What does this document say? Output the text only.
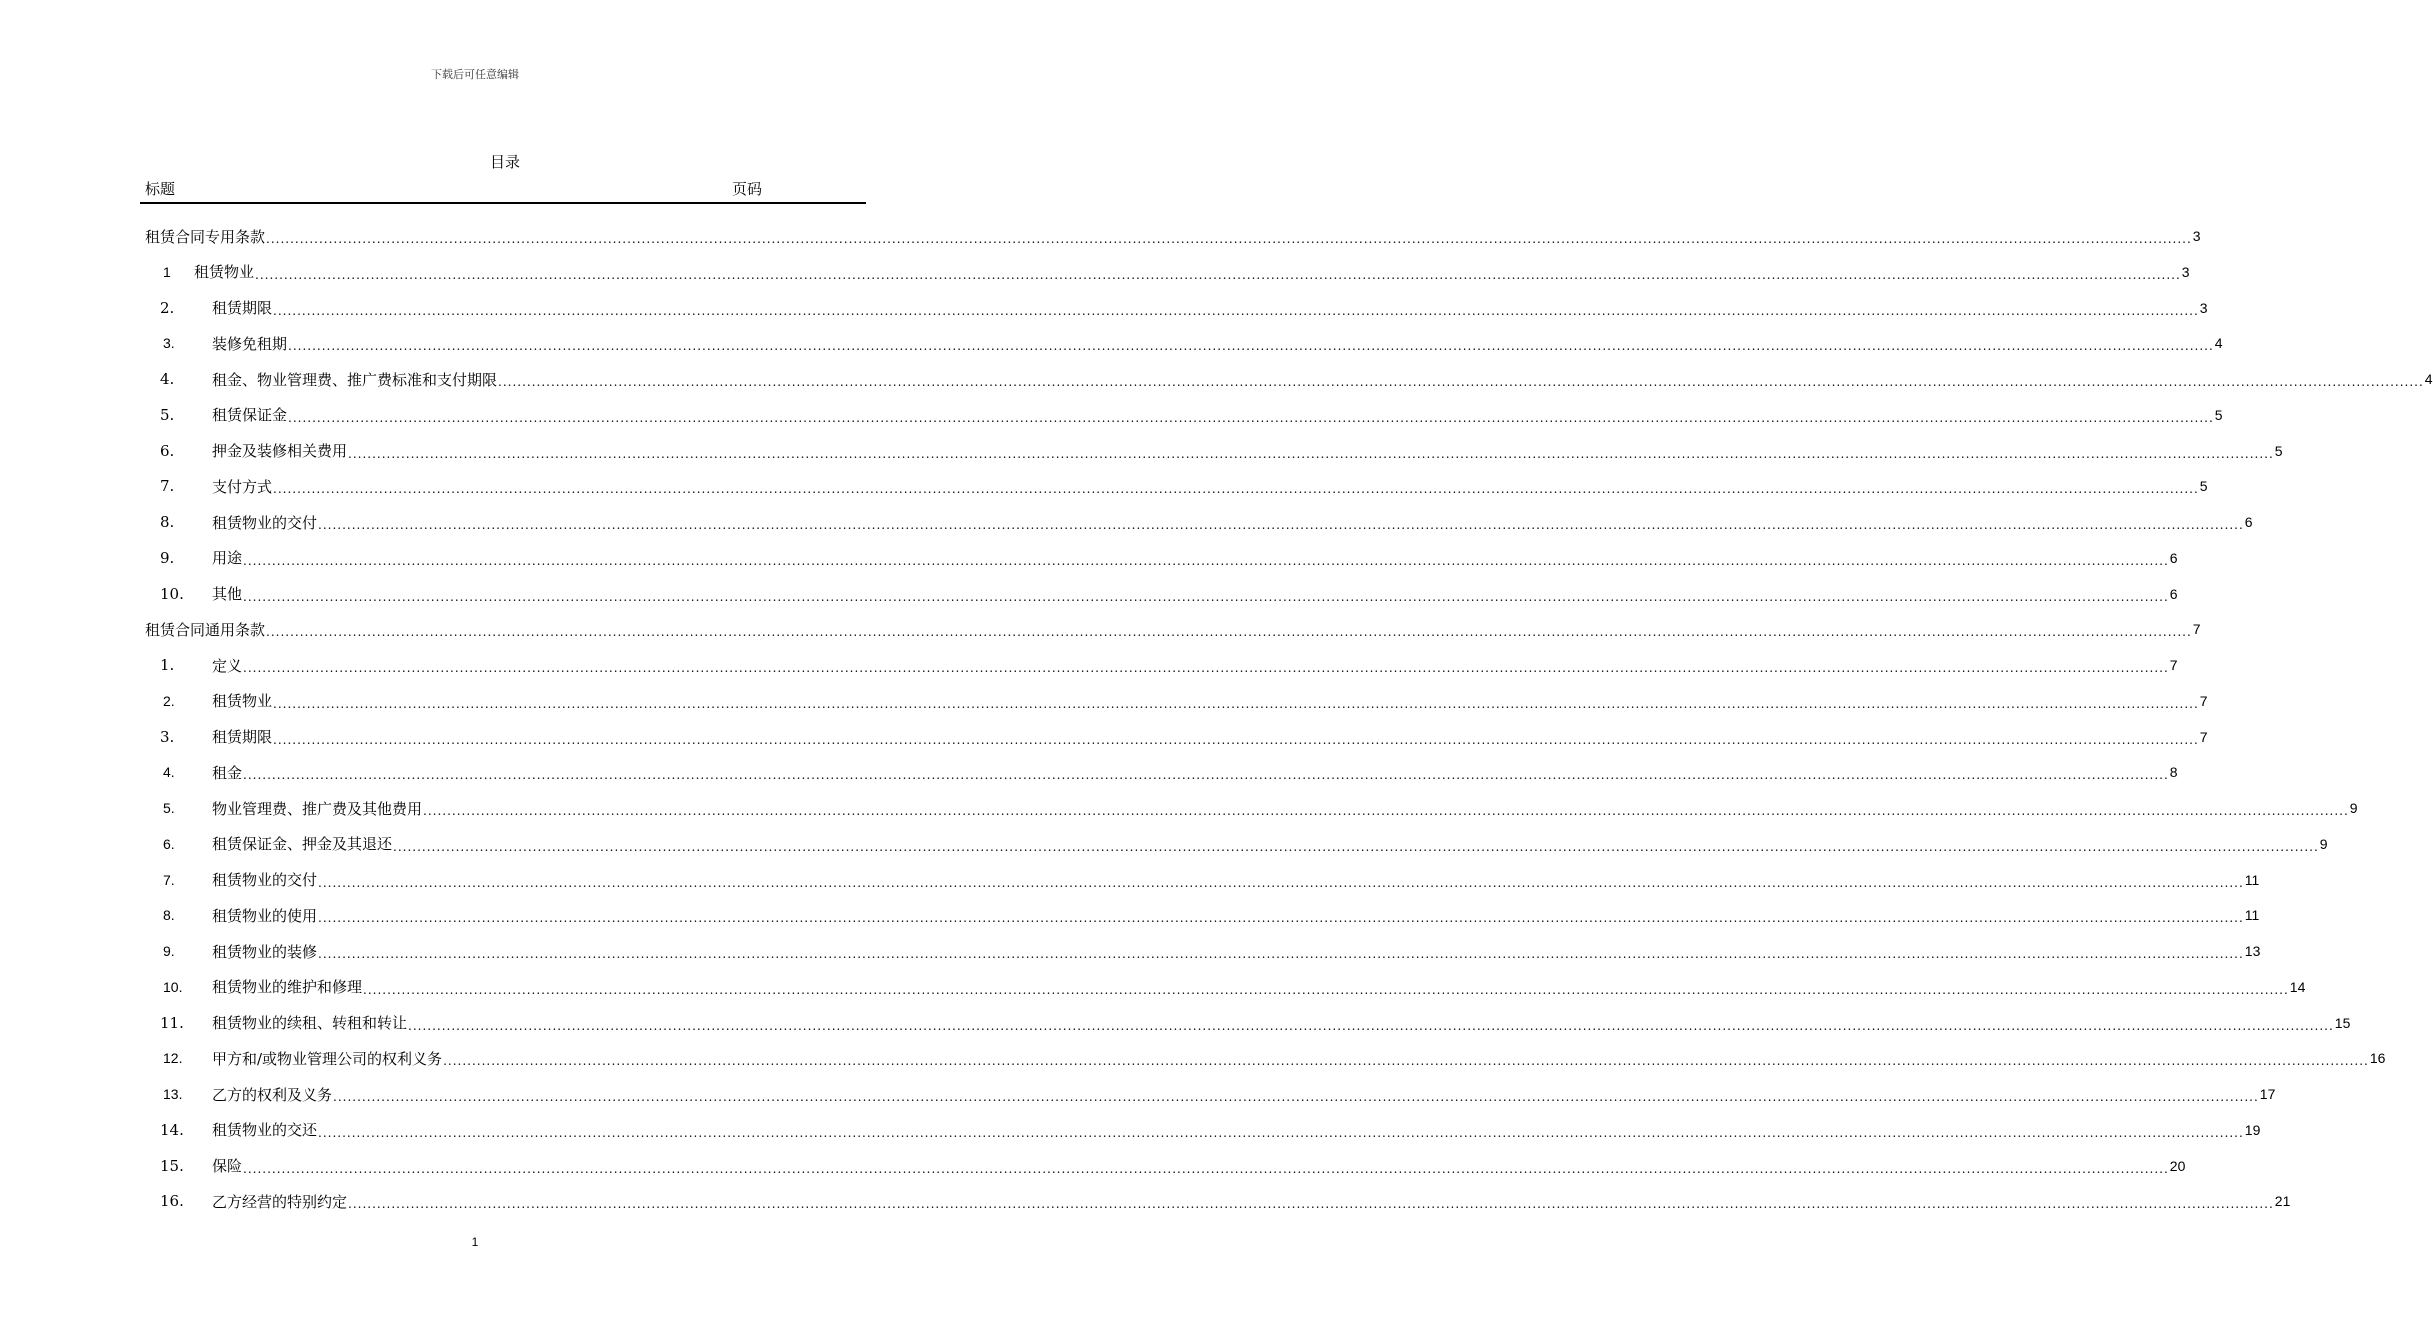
下载后可任意编辑
目录
标题	页码
租赁合同专用条款 ................................................................................................................................................................................................................................................................................................................................................................................................................ 3
1	租赁物业 ................................................................................................................................................................................................................................................................................................................................................................................................................ 3
2.	租赁期限 ................................................................................................................................................................................................................................................................................................................................................................................................................ 3
3.	装修免租期 ................................................................................................................................................................................................................................................................................................................................................................................................................ 4
4.	租金、物业管理费、推广费标准和支付期限 ................................................................................................................................................................................................................................................................................................................................................................................................................ 4
5.	租赁保证金 ................................................................................................................................................................................................................................................................................................................................................................................................................ 5
6.	押金及装修相关费用 ................................................................................................................................................................................................................................................................................................................................................................................................................ 5
7.	支付方式 ................................................................................................................................................................................................................................................................................................................................................................................................................ 5
8.	租赁物业的交付 ................................................................................................................................................................................................................................................................................................................................................................................................................ 6
9.	用途 ................................................................................................................................................................................................................................................................................................................................................................................................................ 6
10.	其他 ................................................................................................................................................................................................................................................................................................................................................................................................................ 6
租赁合同通用条款 ................................................................................................................................................................................................................................................................................................................................................................................................................ 7
1.	定义 ................................................................................................................................................................................................................................................................................................................................................................................................................ 7
2.	租赁物业 ................................................................................................................................................................................................................................................................................................................................................................................................................ 7
3.	租赁期限 ................................................................................................................................................................................................................................................................................................................................................................................................................ 7
4.	租金 ................................................................................................................................................................................................................................................................................................................................................................................................................ 8
5.	物业管理费、推广费及其他费用 ................................................................................................................................................................................................................................................................................................................................................................................................................ 9
6.	租赁保证金、押金及其退还 ................................................................................................................................................................................................................................................................................................................................................................................................................ 9
7.	租赁物业的交付 ................................................................................................................................................................................................................................................................................................................................................................................................................ 11
8.	租赁物业的使用 ................................................................................................................................................................................................................................................................................................................................................................................................................ 11
9.	租赁物业的装修 ................................................................................................................................................................................................................................................................................................................................................................................................................ 13
10.	租赁物业的维护和修理 ................................................................................................................................................................................................................................................................................................................................................................................................................ 14
11.	租赁物业的续租、转租和转让 ................................................................................................................................................................................................................................................................................................................................................................................................................ 15
12.	甲方和/或物业管理公司的权利义务 ................................................................................................................................................................................................................................................................................................................................................................................................................ 16
13.	乙方的权利及义务 ................................................................................................................................................................................................................................................................................................................................................................................................................ 17
14.	租赁物业的交还 ................................................................................................................................................................................................................................................................................................................................................................................................................ 19
15.	保险 ................................................................................................................................................................................................................................................................................................................................................................................................................ 20
16.	乙方经营的特别约定 ................................................................................................................................................................................................................................................................................................................................................................................................................ 21
1
